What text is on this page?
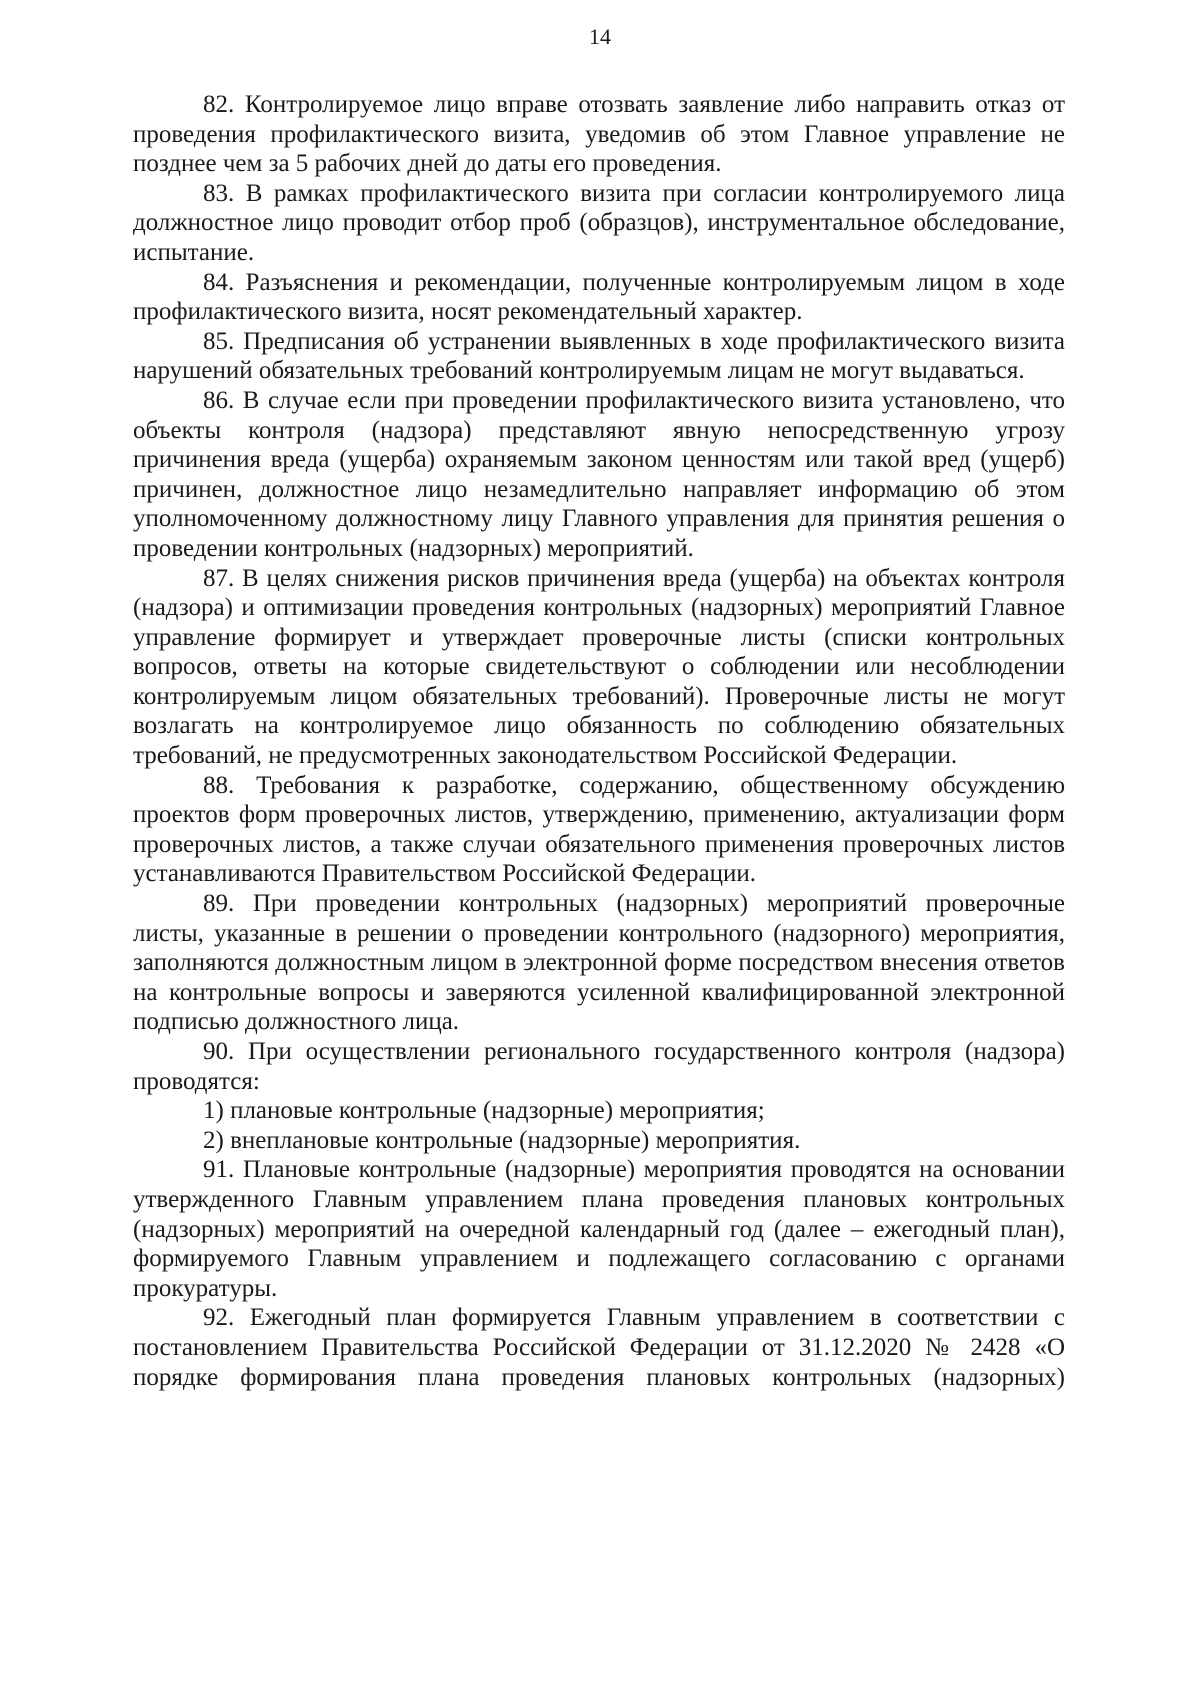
14

82. Контролируемое лицо вправе отозвать заявление либо направить отказ от проведения профилактического визита, уведомив об этом Главное управление не позднее чем за 5 рабочих дней до даты его проведения.

83. В рамках профилактического визита при согласии контролируемого лица должностное лицо проводит отбор проб (образцов), инструментальное обследование, испытание.

84. Разъяснения и рекомендации, полученные контролируемым лицом в ходе профилактического визита, носят рекомендательный характер.

85. Предписания об устранении выявленных в ходе профилактического визита нарушений обязательных требований контролируемым лицам не могут выдаваться.

86. В случае если при проведении профилактического визита установлено, что объекты контроля (надзора) представляют явную непосредственную угрозу причинения вреда (ущерба) охраняемым законом ценностям или такой вред (ущерб) причинен, должностное лицо незамедлительно направляет информацию об этом уполномоченному должностному лицу Главного управления для принятия решения о проведении контрольных (надзорных) мероприятий.

87. В целях снижения рисков причинения вреда (ущерба) на объектах контроля (надзора) и оптимизации проведения контрольных (надзорных) мероприятий Главное управление формирует и утверждает проверочные листы (списки контрольных вопросов, ответы на которые свидетельствуют о соблюдении или несоблюдении контролируемым лицом обязательных требований). Проверочные листы не могут возлагать на контролируемое лицо обязанность по соблюдению обязательных требований, не предусмотренных законодательством Российской Федерации.

88. Требования к разработке, содержанию, общественному обсуждению проектов форм проверочных листов, утверждению, применению, актуализации форм проверочных листов, а также случаи обязательного применения проверочных листов устанавливаются Правительством Российской Федерации.

89. При проведении контрольных (надзорных) мероприятий проверочные листы, указанные в решении о проведении контрольного (надзорного) мероприятия, заполняются должностным лицом в электронной форме посредством внесения ответов на контрольные вопросы и заверяются усиленной квалифицированной электронной подписью должностного лица.

90. При осуществлении регионального государственного контроля (надзора) проводятся:

1) плановые контрольные (надзорные) мероприятия;

2) внеплановые контрольные (надзорные) мероприятия.

91. Плановые контрольные (надзорные) мероприятия проводятся на основании утвержденного Главным управлением плана проведения плановых контрольных (надзорных) мероприятий на очередной календарный год (далее – ежегодный план), формируемого Главным управлением и подлежащего согласованию с органами прокуратуры.

92. Ежегодный план формируется Главным управлением в соответствии с постановлением Правительства Российской Федерации от 31.12.2020 № 2428 «О порядке формирования плана проведения плановых контрольных (надзорных)
